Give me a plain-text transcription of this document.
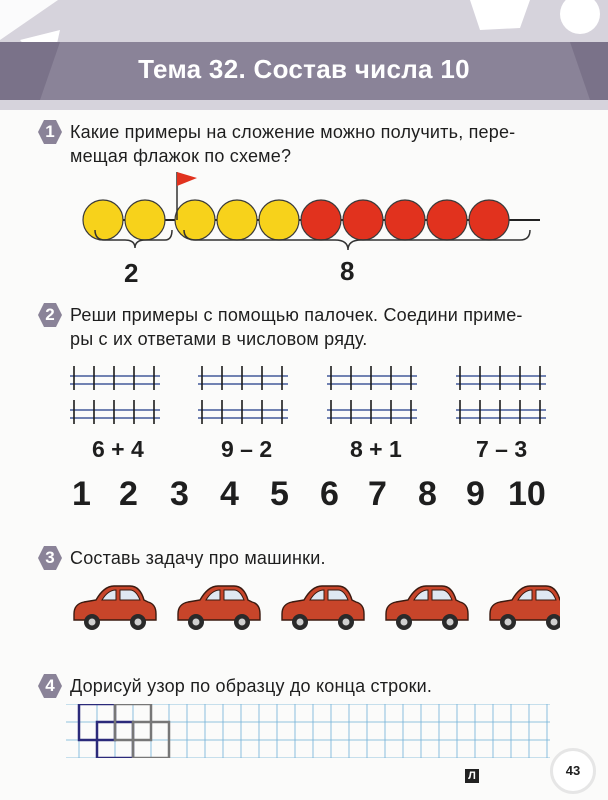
Тема 32. Состав числа 10
1 Какие примеры на сложение можно получить, пере-
мещая флажок по схеме?
2	8
2 Реши примеры с помощью палочек. Соедини приме-
ры с их ответами в числовом ряду.
6 + 4	9 – 2	8 + 1	7 – 3
1 2 3 4 5 6 7 8 9 10
3 Составь задачу про машинки.
4 Дорисуй узор по образцу до конца строки.
Л	43
